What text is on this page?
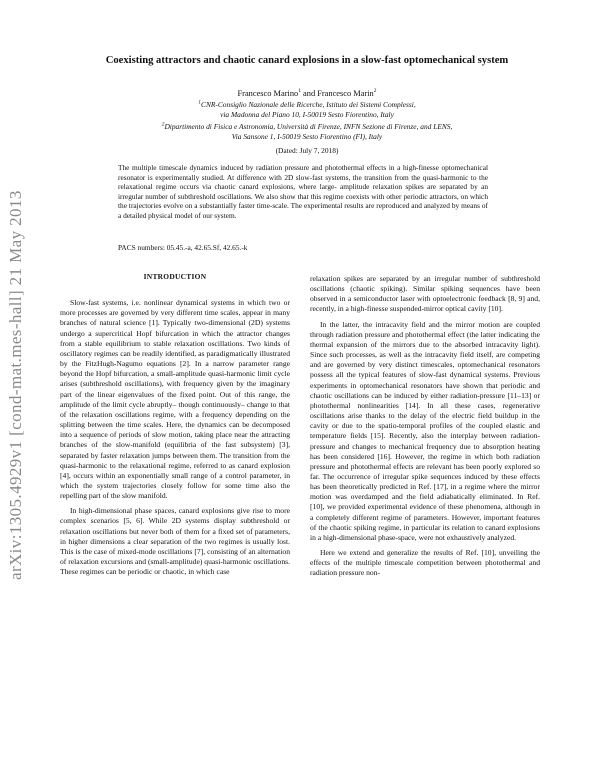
arXiv:1305.4929v1 [cond-mat.mes-hall] 21 May 2013
Coexisting attractors and chaotic canard explosions in a slow-fast optomechanical system
Francesco Marino$^1$ and Francesco Marin$^2$
$^1$CNR-Consiglio Nazionale delle Ricerche, Istituto dei Sistemi Complessi,
via Madonna del Piano 10, I-50019 Sesto Fiorentino, Italy
$^2$Dipartimento di Fisica e Astronomia, Università di Firenze, INFN Sezione di Firenze, and LENS,
Via Sansone 1, I-50019 Sesto Fiorentino (FI), Italy
(Dated: July 7, 2018)
The multiple timescale dynamics induced by radiation pressure and photothermal effects in a high-finesse optomechanical resonator is experimentally studied. At difference with 2D slow-fast systems, the transition from the quasi-harmonic to the relaxational regime occurs via chaotic canard explosions, where large- amplitude relaxation spikes are separated by an irregular number of subthreshold oscillations. We also show that this regime coexists with other periodic attractors, on which the trajectories evolve on a substantially faster time-scale. The experimental results are reproduced and analyzed by means of a detailed physical model of our system.
PACS numbers: 05.45.-a, 42.65.Sf, 42.65.-k
INTRODUCTION

Slow-fast systems, i.e. nonlinear dynamical systems in which two or more processes are governed by very different time scales, appear in many branches of natural science [1]. Typically two-dimensional (2D) systems undergo a supercritical Hopf bifurcation in which the attractor changes from a stable equilibrium to stable relaxation oscillations. Two kinds of oscillatory regimes can be readily identified, as paradigmatically illustrated by the FitzHugh-Nagumo equations [2]. In a narrow parameter range beyond the Hopf bifurcation, a small-amplitude quasi-harmonic limit cycle arises (subthreshold oscillations), with frequency given by the imaginary part of the linear eigenvalues of the fixed point. Out of this range, the amplitude of the limit cycle abruptly– though continuously– change to that of the relaxation oscillations regime, with a frequency depending on the splitting between the time scales. Here, the dynamics can be decomposed into a sequence of periods of slow motion, taking place near the attracting branches of the slow-manifold (equilibria of the fast subsystem) [3], separated by faster relaxation jumps between them. The transition from the quasi-harmonic to the relaxational regime, referred to as canard explosion [4], occurs within an exponentially small range of a control parameter, in which the system trajectories closely follow for some time also the repelling part of the slow manifold.

In high-dimensional phase spaces, canard explosions give rise to more complex scenarios [5, 6]. While 2D systems display subthreshold or relaxation oscillations but never both of them for a fixed set of parameters, in higher dimensions a clear separation of the two regimes is usually lost. This is the case of mixed-mode oscillations [7], consisting of an alternation of relaxation excursions and (small-amplitude) quasi-harmonic oscillations. These regimes can be periodic or chaotic, in which case

relaxation spikes are separated by an irregular number of subthreshold oscillations (chaotic spiking). Similar spiking sequences have been observed in a semiconductor laser with optoelectronic feedback [8, 9] and, recently, in a high-finesse suspended-mirror optical cavity [10].

In the latter, the intracavity field and the mirror motion are coupled through radiation pressure and photothermal effect (the latter indicating the thermal expansion of the mirrors due to the absorbed intracavity light). Since such processes, as well as the intracavity field itself, are competing and are governed by very distinct timescales, optomechanical resonators possess all the typical features of slow-fast dynamical systems. Previous experiments in optomechanical resonators have shown that periodic and chaotic oscillations can be induced by either radiation-pressure [11–13] or photothermal nonlinearities [14]. In all these cases, regenerative oscillations arise thanks to the delay of the electric field buildup in the cavity or due to the spatio-temporal profiles of the coupled elastic and temperature fields [15]. Recently, also the interplay between radiation-pressure and changes to mechanical frequency due to absorption heating has been considered [16]. However, the regime in which both radiation pressure and photothermal effects are relevant has been poorly explored so far. The occurrence of irregular spike sequences induced by these effects has been theoretically predicted in Ref. [17], in a regime where the mirror motion was overdamped and the field adiabatically eliminated. In Ref. [10], we provided experimental evidence of these phenomena, although in a completely different regime of parameters. However, important features of the chaotic spiking regime, in particular its relation to canard explosions in a high-dimensional phase-space, were not exhaustively analyzed.

Here we extend and generalize the results of Ref. [10], unveiling the effects of the multiple timescale competition between photothermal and radiation pressure non-
